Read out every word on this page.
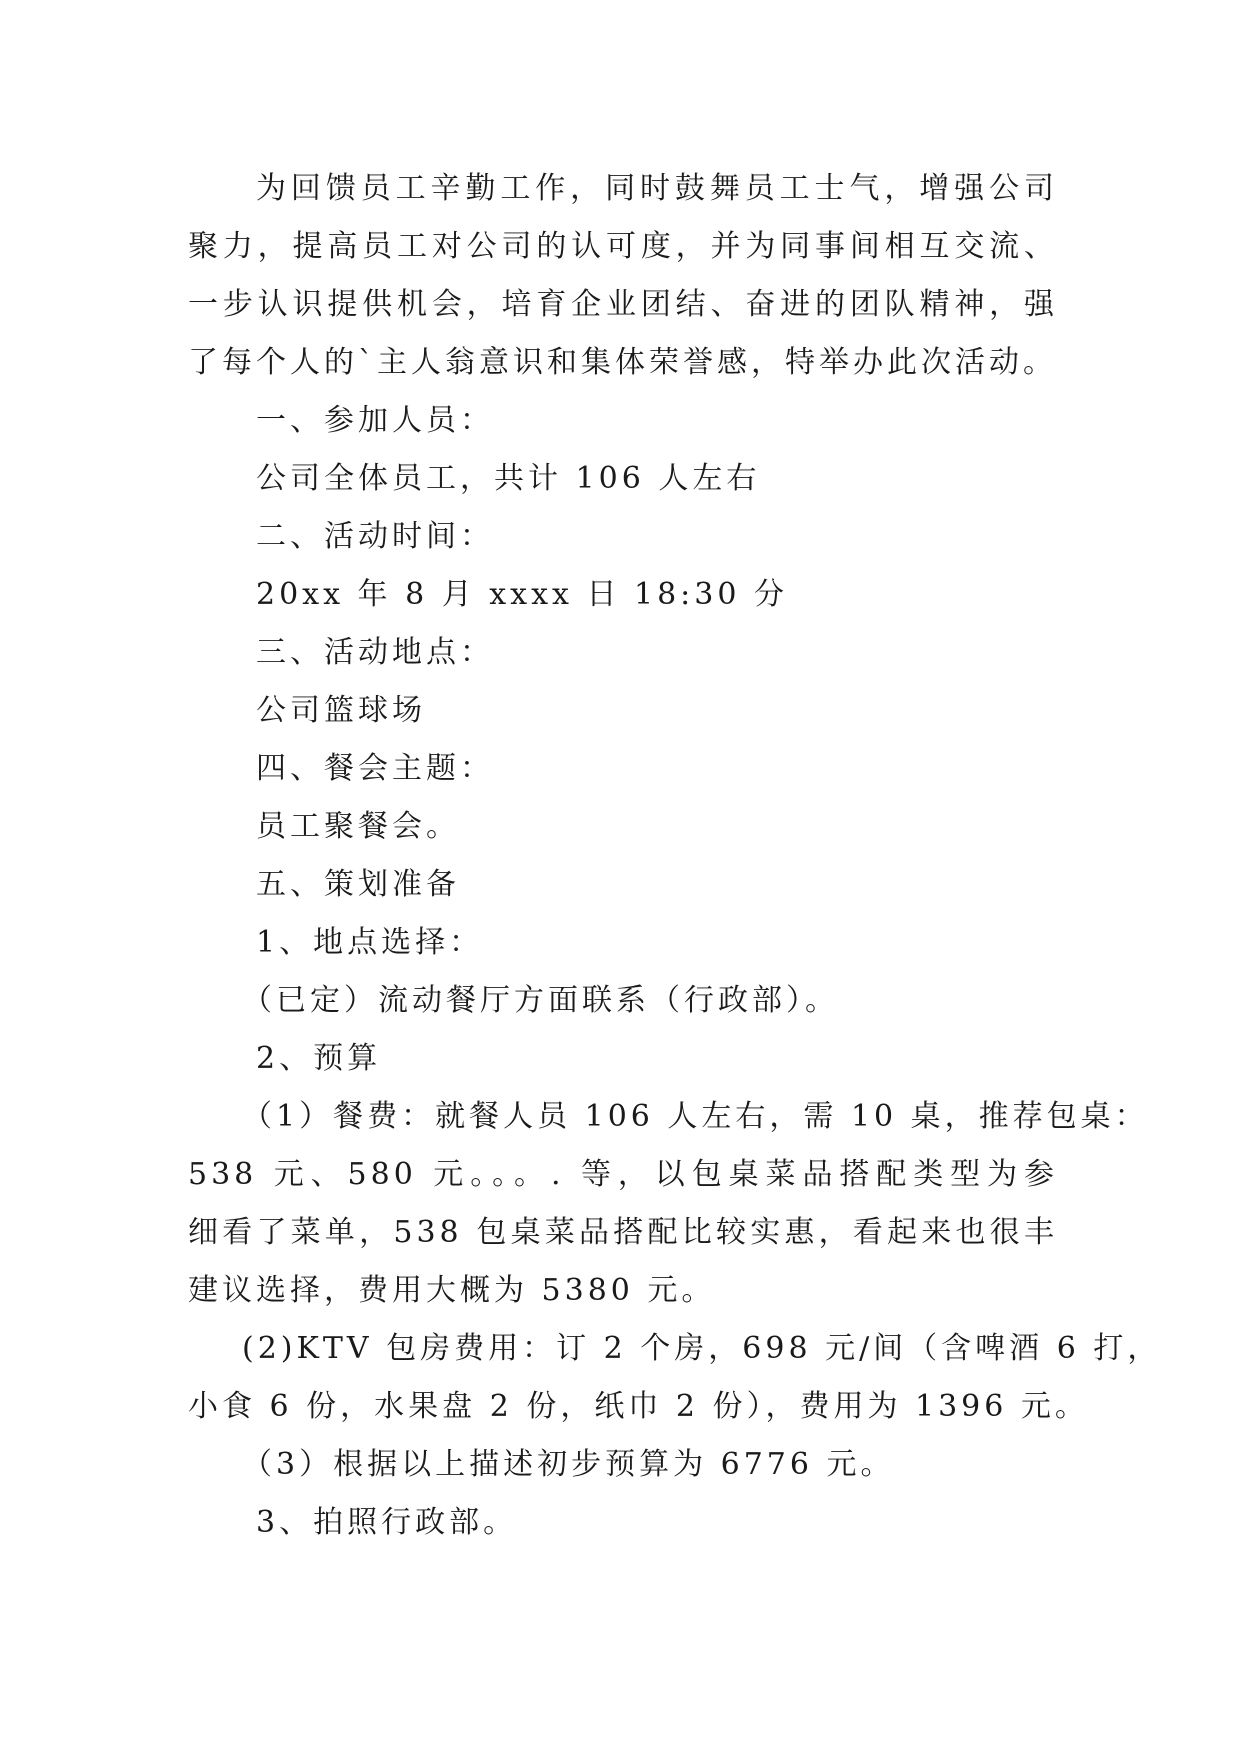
为回馈员工辛勤工作，同时鼓舞员工士气，增强公司
聚力，提高员工对公司的认可度，并为同事间相互交流、
一步认识提供机会，培育企业团结、奋进的团队精神，强
了每个人的`主人翁意识和集体荣誉感，特举办此次活动。
一、参加人员：
公司全体员工，共计 106 人左右
二、活动时间：
20xx 年 8 月 xxxx 日 18:30 分
三、活动地点：
公司篮球场
四、餐会主题：
员工聚餐会。
五、策划准备
1、地点选择：
（已定）流动餐厅方面联系（行政部）。
2、预算
（1）餐费：就餐人员 106 人左右，需 10 桌，推荐包桌：
538 元、580 元。。。. 等，以包桌菜品搭配类型为参
细看了菜单，538 包桌菜品搭配比较实惠，看起来也很丰
建议选择，费用大概为 5380 元。
(2)KTV 包房费用：订 2 个房，698 元/间（含啤酒 6 打，
小食 6 份，水果盘 2 份，纸巾 2 份），费用为 1396 元。
（3）根据以上描述初步预算为 6776 元。
3、拍照行政部。
